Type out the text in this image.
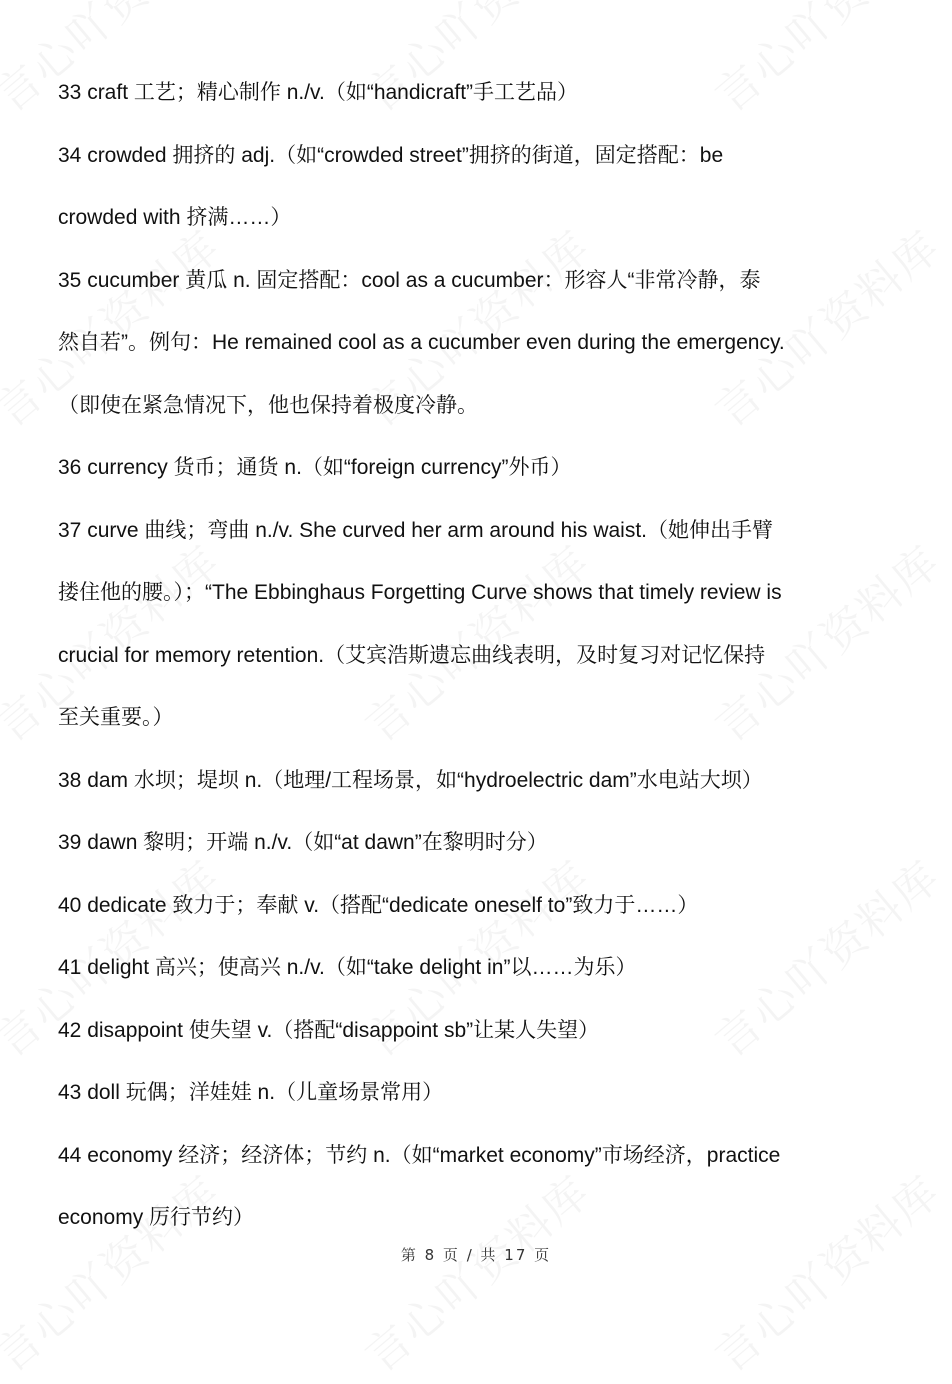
33 craft 工艺；精心制作 n./v.（如“handicraft”手工艺品）
34 crowded 拥挤的 adj.（如“crowded street”拥挤的街道，固定搭配：be
crowded with 挤满……）
35 cucumber 黄瓜 n. 固定搭配：cool as a cucumber：形容人“非常冷静，泰
然自若”。例句：He remained cool as a cucumber even during the emergency.
（即使在紧急情况下，他也保持着极度冷静。
36 currency 货币；通货 n.（如“foreign currency”外币）
37 curve 曲线；弯曲 n./v. She curved her arm around his waist.（她伸出手臂
搂住他的腰。）；“The Ebbinghaus Forgetting Curve shows that timely review is
crucial for memory retention.（艾宾浩斯遗忘曲线表明，及时复习对记忆保持
至关重要。）
38 dam 水坝；堤坝 n.（地理/工程场景，如“hydroelectric dam”水电站大坝）
39 dawn 黎明；开端 n./v.（如“at dawn”在黎明时分）
40 dedicate 致力于；奉献 v.（搭配“dedicate oneself to”致力于……）
41 delight 高兴；使高兴 n./v.（如“take delight in”以……为乐）
42 disappoint 使失望 v.（搭配“disappoint sb”让某人失望）
43 doll 玩偶；洋娃娃 n.（儿童场景常用）
44 economy 经济；经济体；节约 n.（如“market economy”市场经济，practice
economy 厉行节约）
第 8 页 / 共 17 页
